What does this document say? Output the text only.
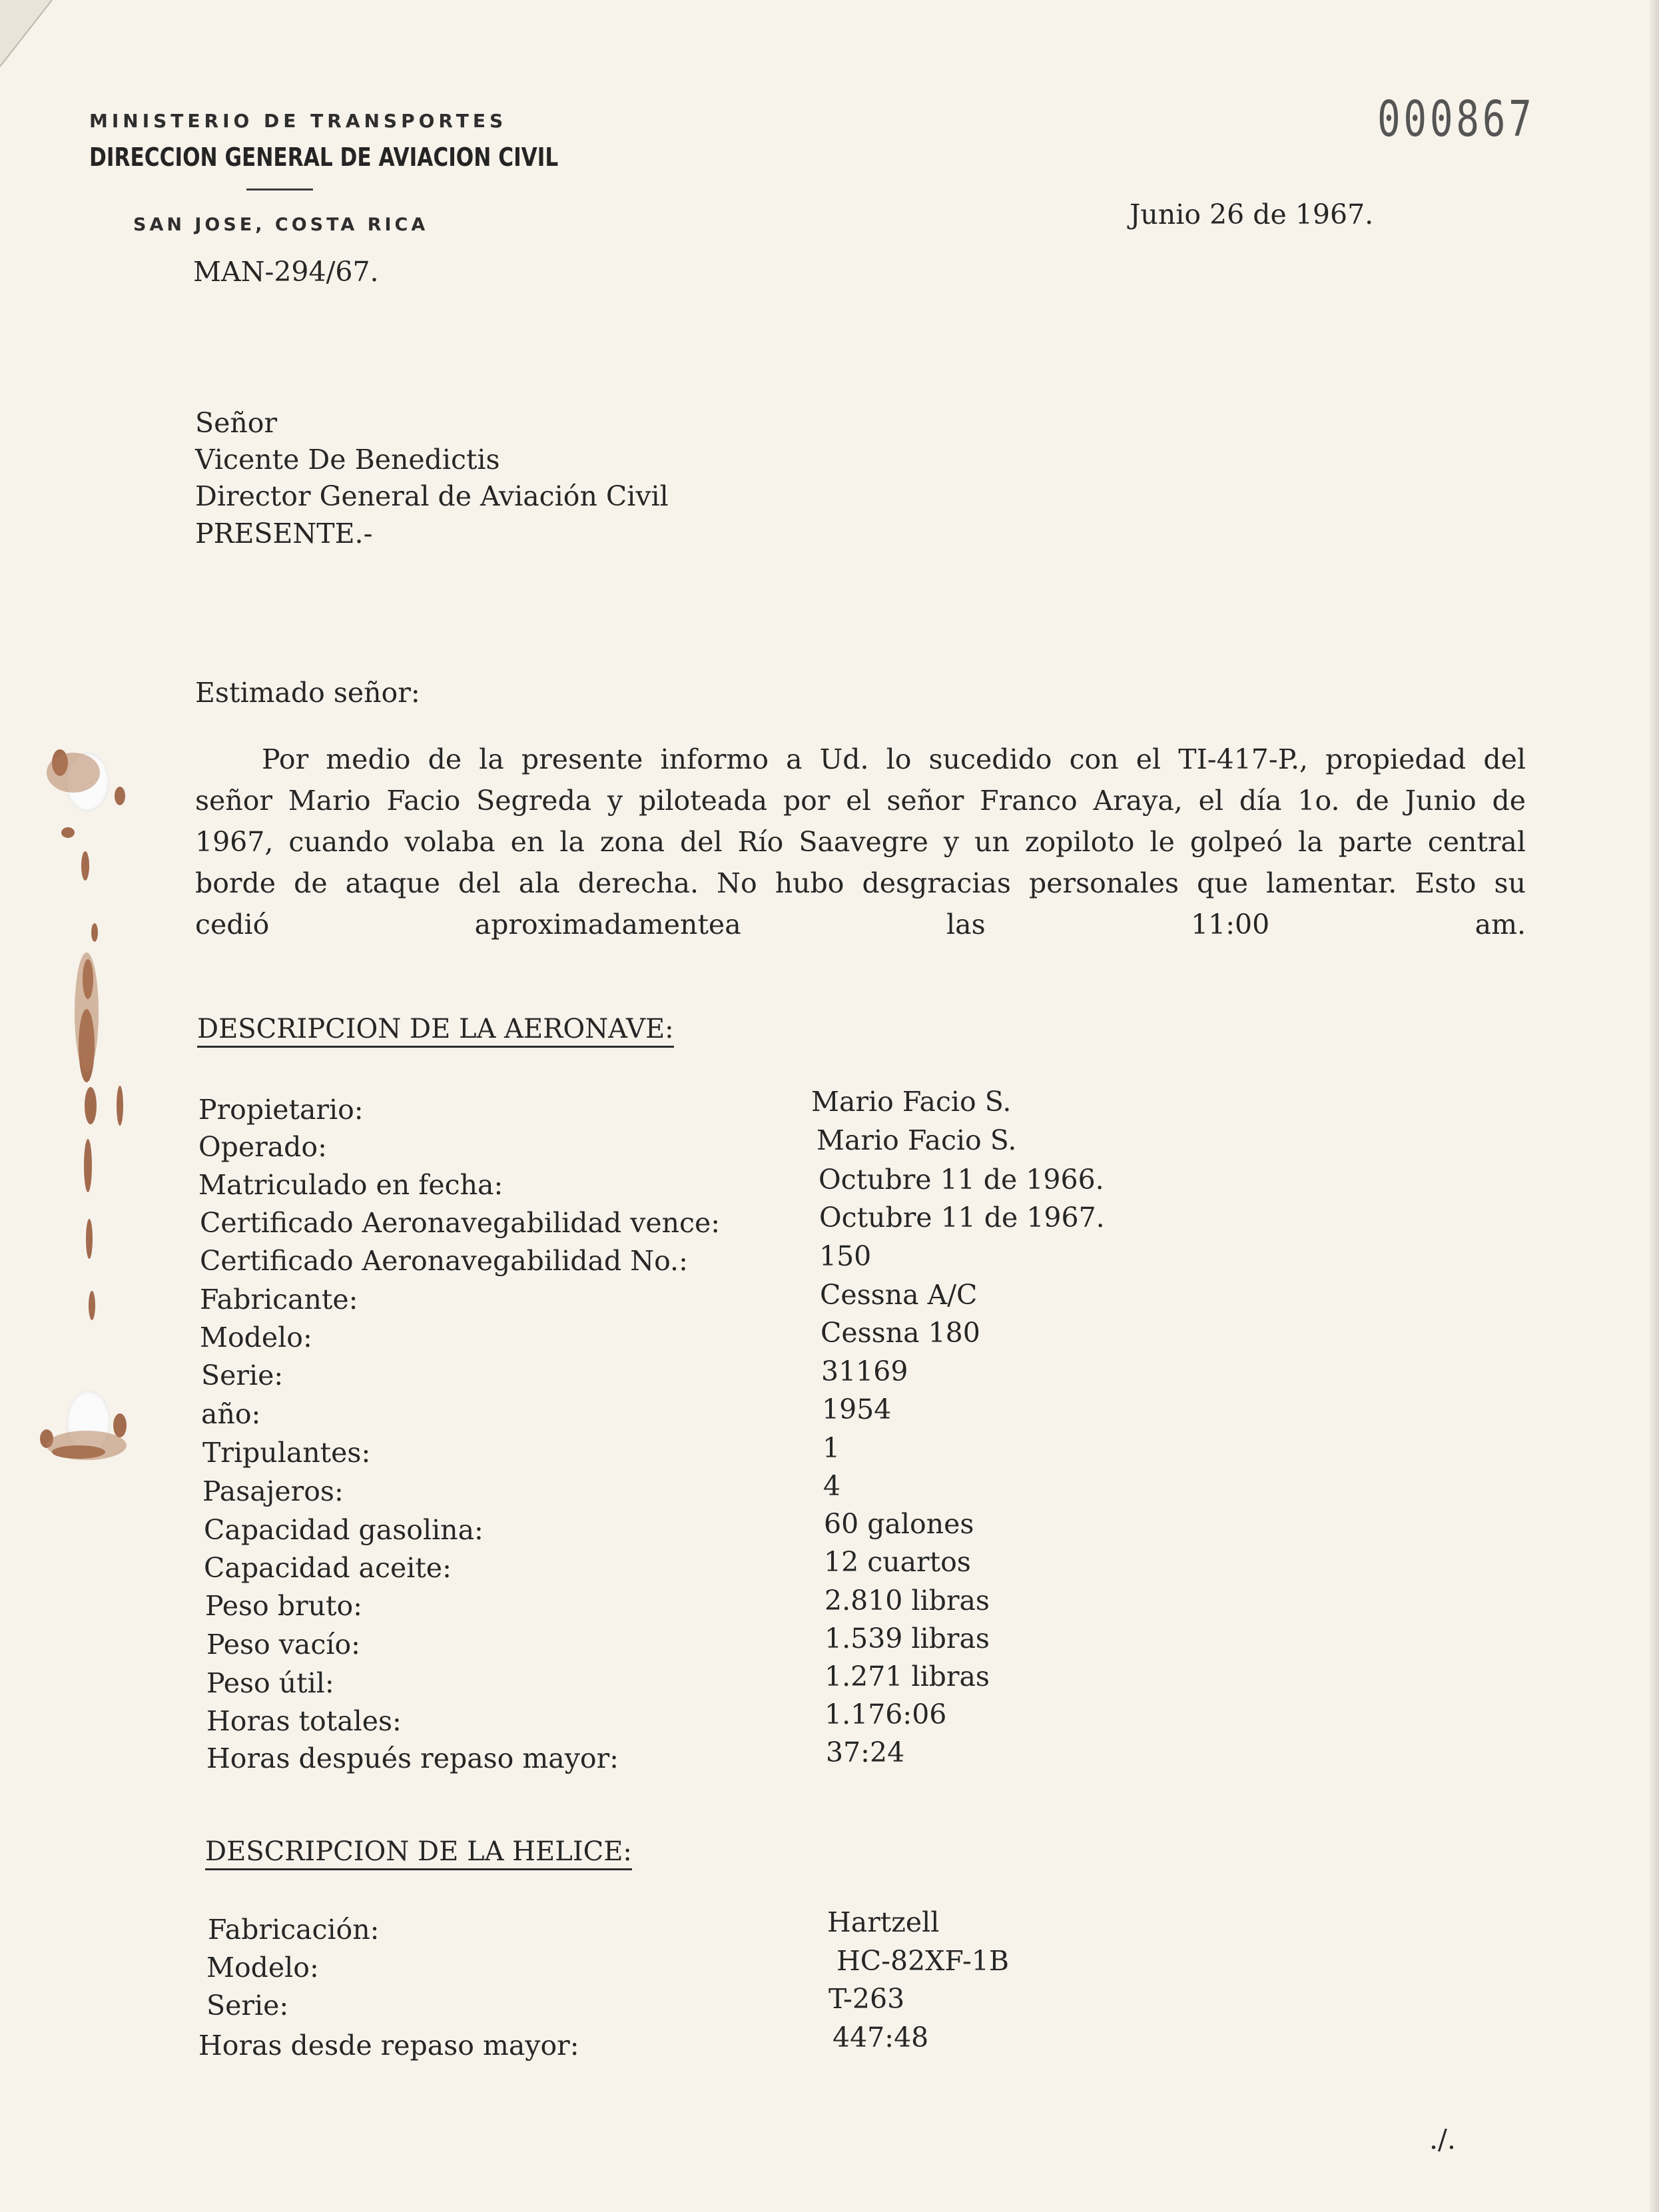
MINISTERIO DE TRANSPORTES
DIRECCION GENERAL DE AVIACION CIVIL
SAN JOSE, COSTA RICA
000867
MAN-294/67.
Junio 26 de 1967.
Señor
Vicente De Benedictis
Director General de Aviación Civil
PRESENTE.-
Estimado señor:
Por medio de la presente informo a Ud. lo sucedido con el TI-417-P., propiedad del
señor Mario Facio Segreda y piloteada por el señor Franco Araya, el día 1o. de Junio de
1967, cuando volaba en la zona del Río Saavegre y un zopiloto le golpeó la parte central
borde de ataque del ala derecha. No hubo desgracias personales que lamentar. Esto su
cedió aproximadamentea las 11:00 am.
DESCRIPCION DE LA AERONAVE:
Propietario:	Mario Facio S.
Operado:	Mario Facio S.
Matriculado en fecha:	Octubre 11 de 1966.
Certificado Aeronavegabilidad vence:	Octubre 11 de 1967.
Certificado Aeronavegabilidad No.:	150
Fabricante:	Cessna A/C
Modelo:	Cessna 180
Serie:	31169
año:	1954
Tripulantes:	1
Pasajeros:	4
Capacidad gasolina:	60 galones
Capacidad aceite:	12 cuartos
Peso bruto:	2.810 libras
Peso vacío:	1.539 libras
Peso útil:	1.271 libras
Horas totales:	1.176:06
Horas después repaso mayor:	37:24
DESCRIPCION DE LA HELICE:
Fabricación:	Hartzell
Modelo:	HC-82XF-1B
Serie:	T-263
Horas desde repaso mayor:	447:48
./.
